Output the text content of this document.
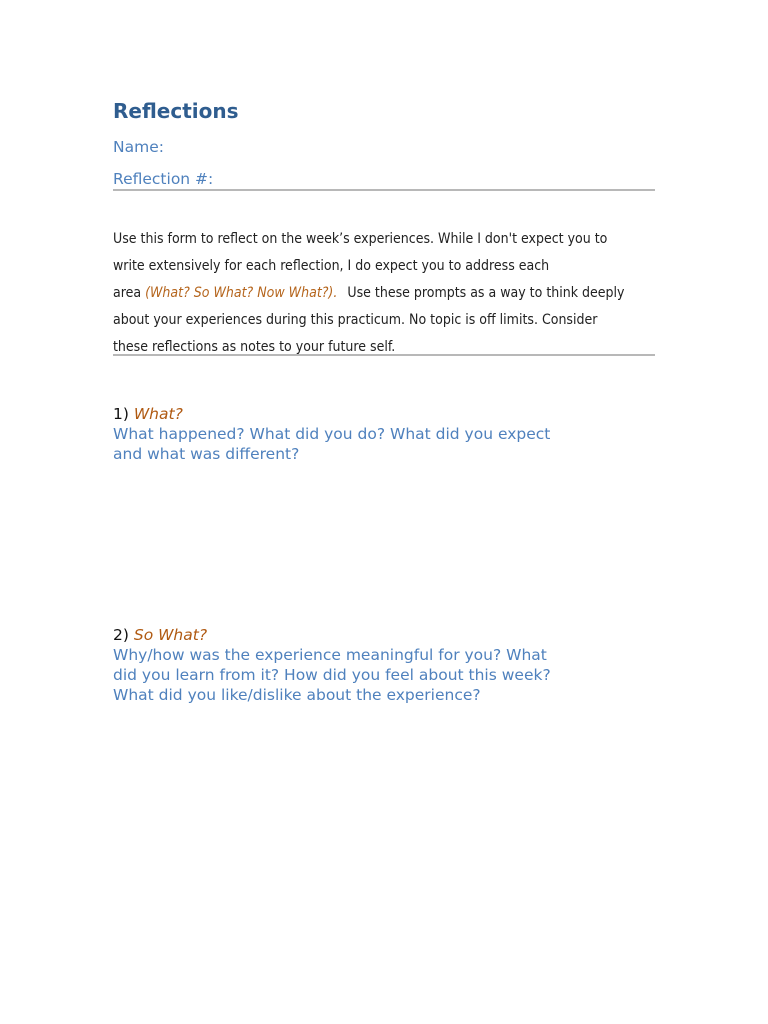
Reflections
Name:
Reflection #:
Use this form to reflect on the week’s experiences. While I don't expect you to
write extensively for each reflection, I do expect you to address each
area (What? So What? Now What?). Use these prompts as a way to think deeply
about your experiences during this practicum. No topic is off limits. Consider
these reflections as notes to your future self.
1) What?
What happened? What did you do? What did you expect
and what was different?
2) So What?
Why/how was the experience meaningful for you? What
did you learn from it? How did you feel about this week?
What did you like/dislike about the experience?
